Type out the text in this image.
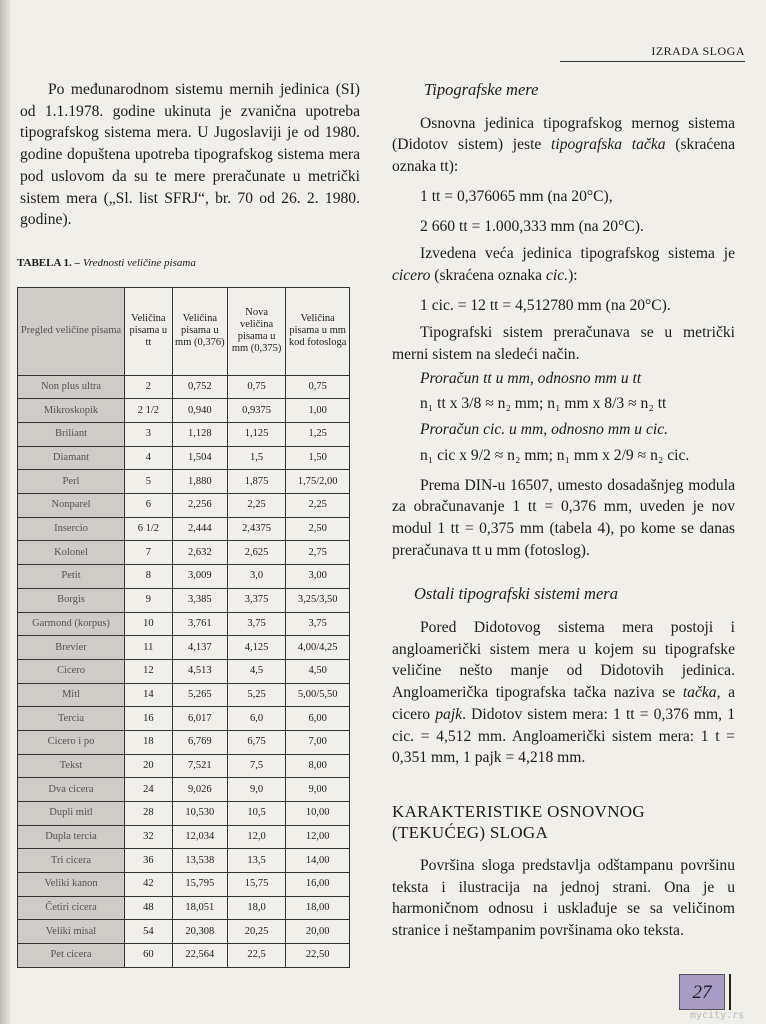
IZRADA SLOGA

Po međunarodnom sistemu mernih jedinica (SI) od 1.1.1978. godine ukinuta je zvanična upotreba tipografskog sistema mera. U Jugoslaviji je od 1980. godine dopuštena upotreba tipografskog sistema mera pod uslovom da su te mere preračunate u metrički sistem mera („Sl. list SFRJ“, br. 70 od 26. 2. 1980. godine).

TABELA 1. – Vrednosti veličine pisama
Pregled veličine pisama	Veličina pisama u tt	Veličina pisama u mm (0,376)	Nova veličina pisama u mm (0,375)	Veličina pisama u mm kod fotosloga
Non plus ultra	2	0,752	0,75	0,75
Mikroskopik	2 1/2	0,940	0,9375	1,00
Briliant	3	1,128	1,125	1,25
Diamant	4	1,504	1,5	1,50
Perl	5	1,880	1,875	1,75/2,00
Nonparel	6	2,256	2,25	2,25
Insercio	6 1/2	2,444	2,4375	2,50
Kolonel	7	2,632	2,625	2,75
Petit	8	3,009	3,0	3,00
Borgis	9	3,385	3,375	3,25/3,50
Garmond (korpus)	10	3,761	3,75	3,75
Brevier	11	4,137	4,125	4,00/4,25
Cicero	12	4,513	4,5	4,50
Mitl	14	5,265	5,25	5,00/5,50
Tercia	16	6,017	6,0	6,00
Cicero i po	18	6,769	6,75	7,00
Tekst	20	7,521	7,5	8,00
Dva cicera	24	9,026	9,0	9,00
Dupli mitl	28	10,530	10,5	10,00
Dupla tercia	32	12,034	12,0	12,00
Tri cicera	36	13,538	13,5	14,00
Veliki kanon	42	15,795	15,75	16,00
Četiri cicera	48	18,051	18,0	18,00
Veliki misal	54	20,308	20,25	20,00
Pet cicera	60	22,564	22,5	22,50
Tipografske mere

Osnovna jedinica tipografskog mernog sistema (Didotov sistem) jeste tipografska tačka (skraćena oznaka tt):

1 tt = 0,376065 mm (na 20°C),
2 660 tt = 1.000,333 mm (na 20°C).

Izvedena veća jedinica tipografskog sistema je cicero (skraćena oznaka cic.):

1 cic. = 12 tt = 4,512780 mm (na 20°C).

Tipografski sistem preračunava se u metrički merni sistem na sledeći način.

Proračun tt u mm, odnosno mm u tt
n₁ tt x 3/8 ≈ n₂ mm; n₁ mm x 8/3 ≈ n₂ tt
Proračun cic. u mm, odnosno mm u cic.
n₁ cic x 9/2 ≈ n₂ mm; n₁ mm x 2/9 ≈ n₂ cic.

Prema DIN-u 16507, umesto dosadašnjeg modula za obračunavanje 1 tt = 0,376 mm, uveden je nov modul 1 tt = 0,375 mm (tabela 4), po kome se danas preračunava tt u mm (fotoslog).

Ostali tipografski sistemi mera

Pored Didotovog sistema mera postoji i angloamerički sistem mera u kojem su tipografske veličine nešto manje od Didotovih jedinica. Angloamerička tipografska tačka naziva se tačka, a cicero pajk. Didotov sistem mera: 1 tt = 0,376 mm, 1 cic. = 4,512 mm. Angloamerički sistem mera: 1 t = 0,351 mm, 1 pajk = 4,218 mm.

KARAKTERISTIKE OSNOVNOG (TEKUĆEG) SLOGA

Površina sloga predstavlja odštampanu površinu teksta i ilustracija na jednoj strani. Ona je u harmoničnom odnosu i usklađuje se sa veličinom stranice i neštampanim površinama oko teksta.

27
mycity.rs
